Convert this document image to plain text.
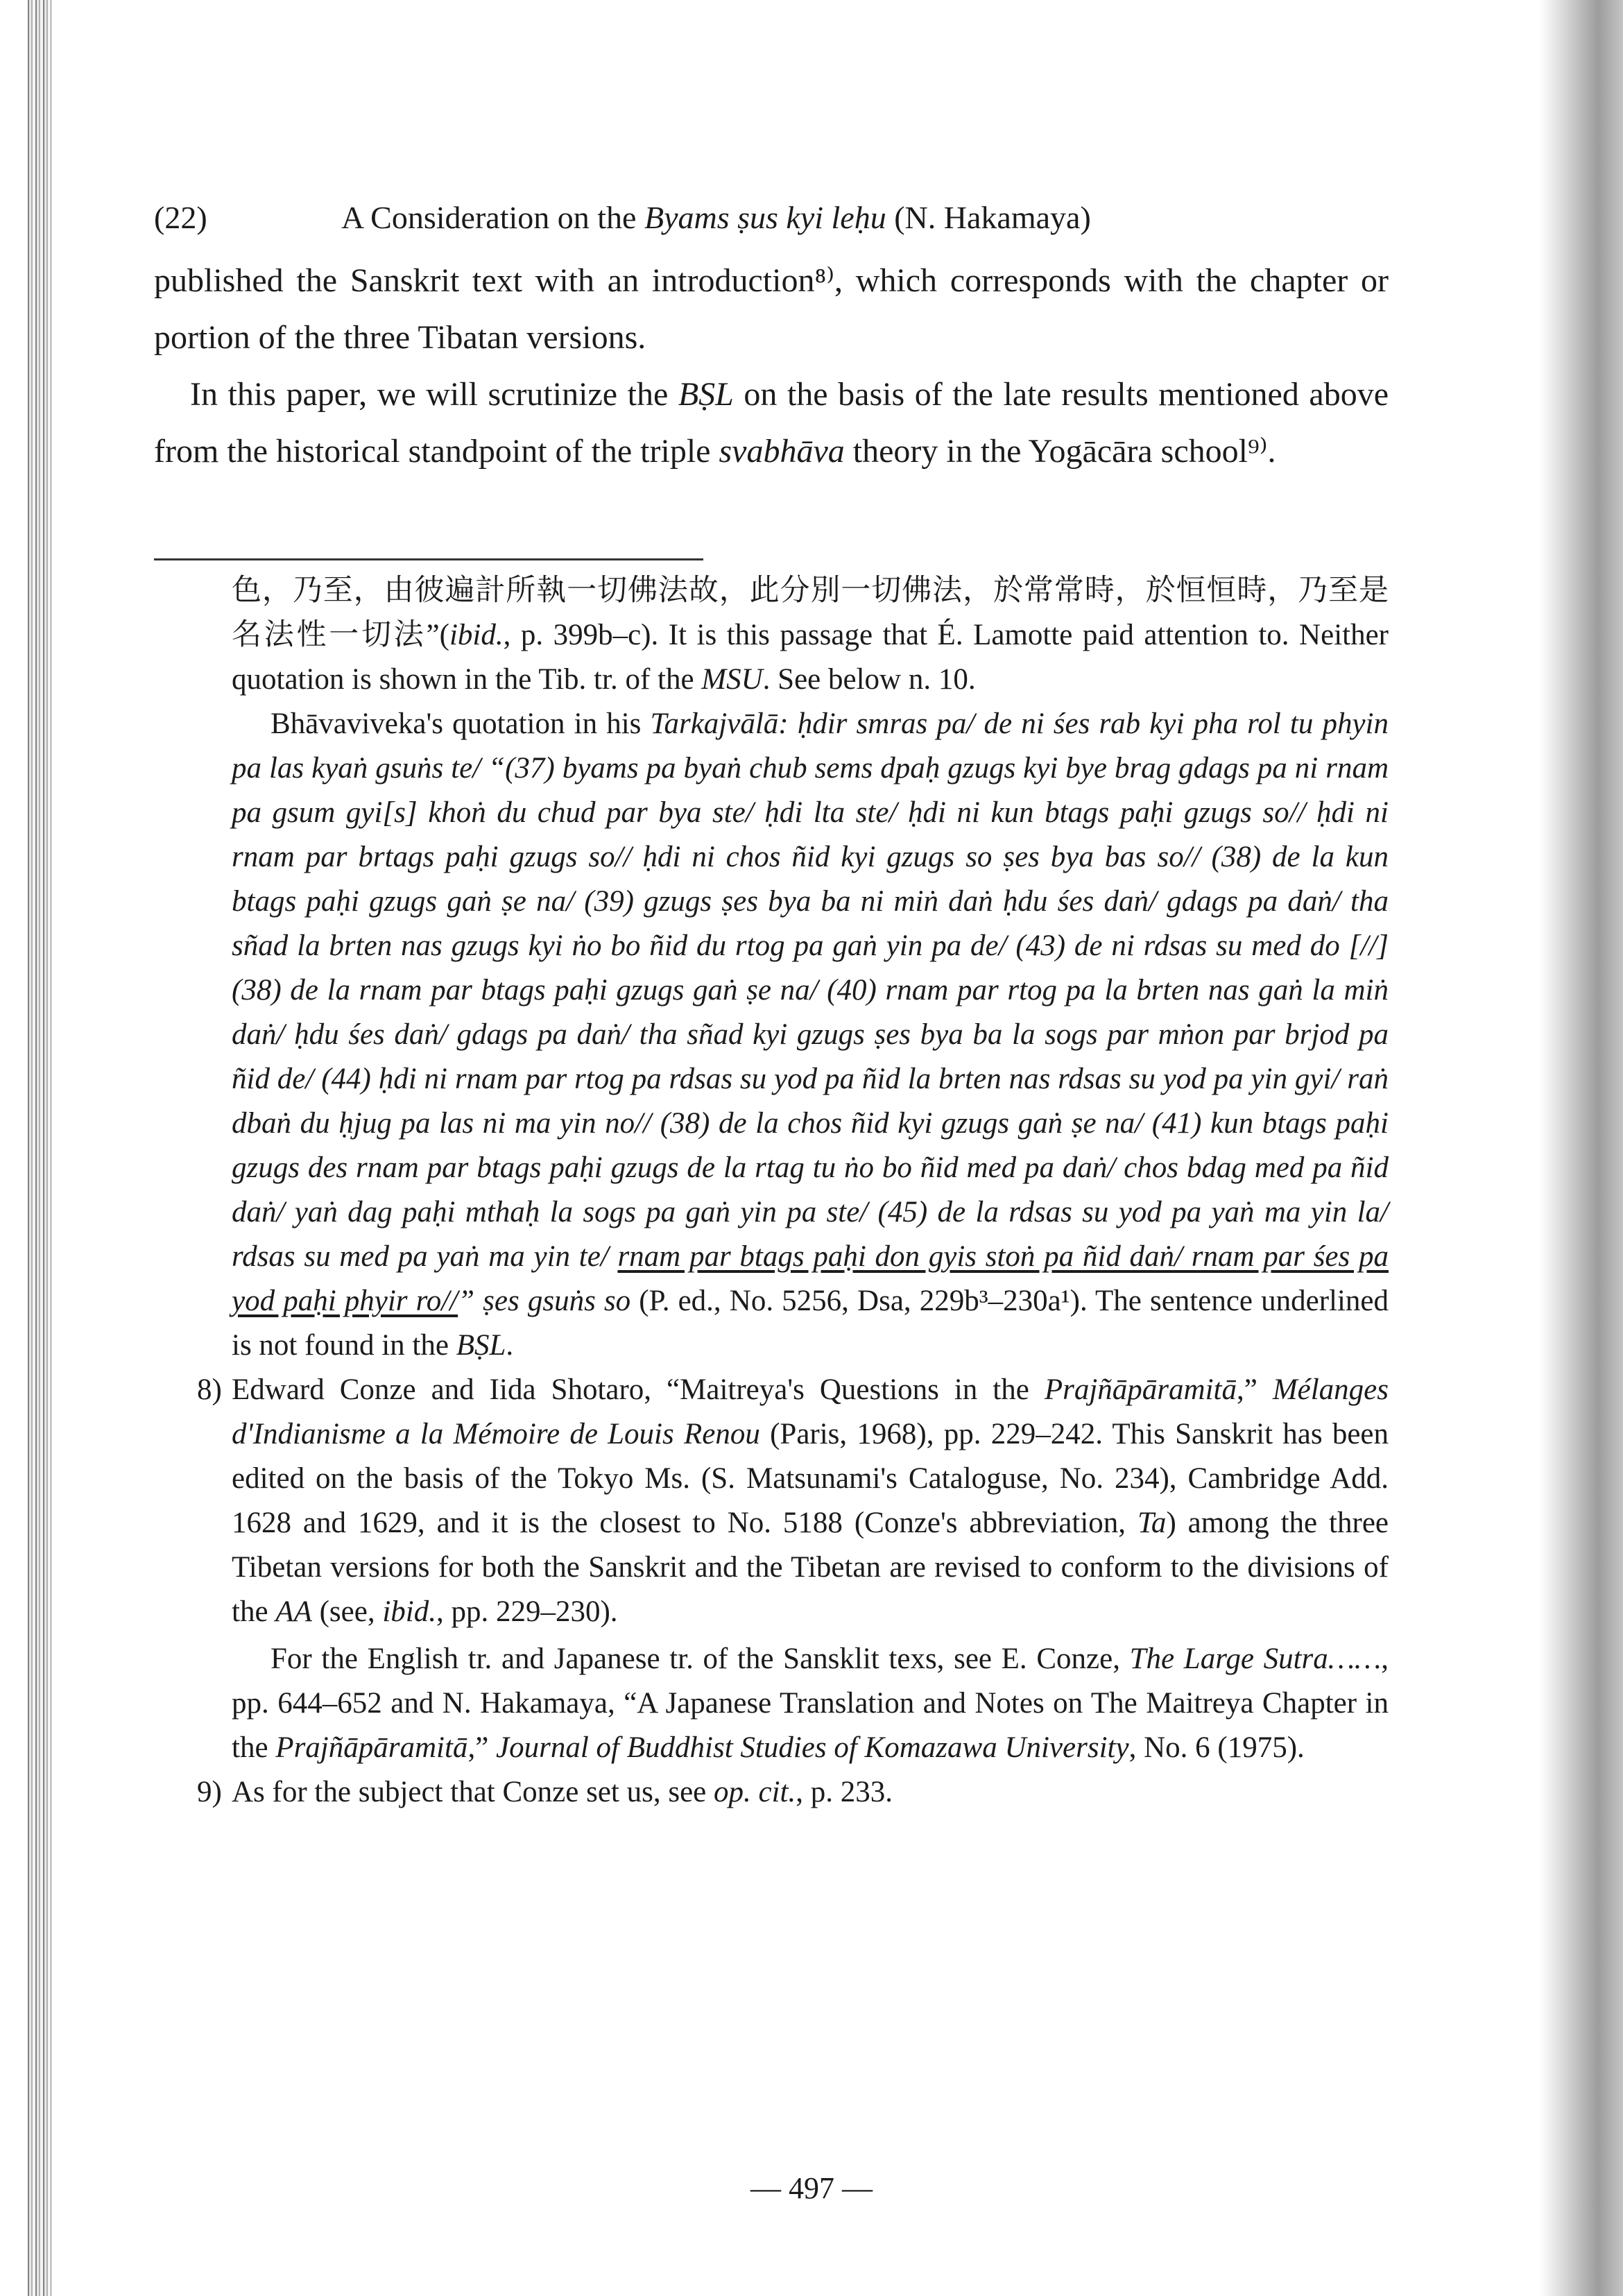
(22)	A Consideration on the Byams ṣus kyi leḥu (N. Hakamaya)

published the Sanskrit text with an introduction⁸⁾, which corresponds with the chapter or portion of the three Tibatan versions.

In this paper, we will scrutinize the BṢL on the basis of the late results mentioned above from the historical standpoint of the triple svabhāva theory in the Yogācāra school⁹⁾.

色，乃至，由彼遍計所執一切佛法故，此分別一切佛法，於常常時，於恒恒時，乃至是名法性一切法”(ibid., p. 399b–c). It is this passage that É. Lamotte paid attention to. Neither quotation is shown in the Tib. tr. of the MSU. See below n. 10.

Bhāvaviveka's quotation in his Tarkajvālā: ḥdir smras pa/ de ni śes rab kyi pha rol tu phyin pa las kyaṅ gsuṅs te/ “(37) byams pa byaṅ chub sems dpaḥ gzugs kyi bye brag gdags pa ni rnam pa gsum gyi[s] khoṅ du chud par bya ste/ ḥdi lta ste/ ḥdi ni kun btags paḥi gzugs so// ḥdi ni rnam par brtags paḥi gzugs so// ḥdi ni chos ñid kyi gzugs so ṣes bya bas so// (38) de la kun btags paḥi gzugs gaṅ ṣe na/ (39) gzugs ṣes bya ba ni miṅ daṅ ḥdu śes daṅ/ gdags pa daṅ/ tha sñad la brten nas gzugs kyi ṅo bo ñid du rtog pa gaṅ yin pa de/ (43) de ni rdsas su med do [//] (38) de la rnam par btags paḥi gzugs gaṅ ṣe na/ (40) rnam par rtog pa la brten nas gaṅ la miṅ daṅ/ ḥdu śes daṅ/ gdags pa daṅ/ tha sñad kyi gzugs ṣes bya ba la sogs par mṅon par brjod pa ñid de/ (44) ḥdi ni rnam par rtog pa rdsas su yod pa ñid la brten nas rdsas su yod pa yin gyi/ raṅ dbaṅ du ḥjug pa las ni ma yin no// (38) de la chos ñid kyi gzugs gaṅ ṣe na/ (41) kun btags paḥi gzugs des rnam par btags paḥi gzugs de la rtag tu ṅo bo ñid med pa daṅ/ chos bdag med pa ñid daṅ/ yaṅ dag paḥi mthaḥ la sogs pa gaṅ yin pa ste/ (45) de la rdsas su yod pa yaṅ ma yin la/ rdsas su med pa yaṅ ma yin te/ rnam par btags paḥi don gyis stoṅ pa ñid daṅ/ rnam par śes pa yod paḥi phyir ro//” ṣes gsuṅs so (P. ed., No. 5256, Dsa, 229b³–230a¹). The sentence underlined is not found in the BṢL.

8) Edward Conze and Iida Shotaro, “Maitreya's Questions in the Prajñāpāramitā,” Mélanges d'Indianisme a la Mémoire de Louis Renou (Paris, 1968), pp. 229–242. This Sanskrit has been edited on the basis of the Tokyo Ms. (S. Matsunami's Cataloguse, No. 234), Cambridge Add. 1628 and 1629, and it is the closest to No. 5188 (Conze's abbreviation, Ta) among the three Tibetan versions for both the Sanskrit and the Tibetan are revised to conform to the divisions of the AA (see, ibid., pp. 229–230).

For the English tr. and Japanese tr. of the Sansklit texs, see E. Conze, The Large Sutra……, pp. 644–652 and N. Hakamaya, “A Japanese Translation and Notes on The Maitreya Chapter in the Prajñāpāramitā,” Journal of Buddhist Studies of Komazawa University, No. 6 (1975).

9) As for the subject that Conze set us, see op. cit., p. 233.
— 497 —
